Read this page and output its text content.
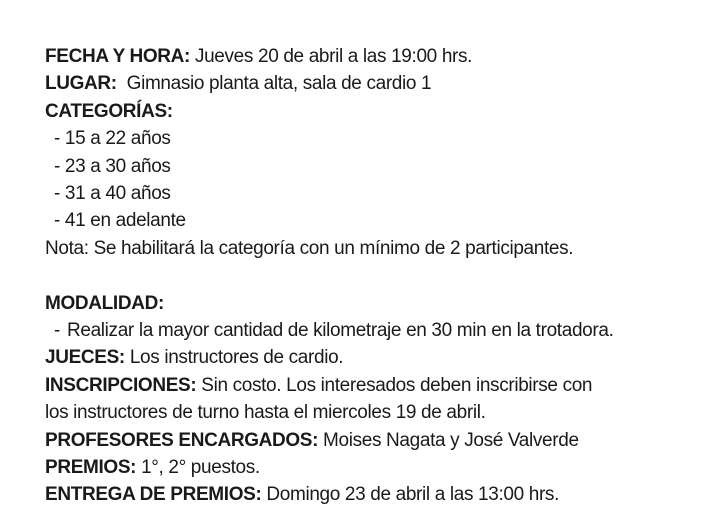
FECHA Y HORA: Jueves 20 de abril a las 19:00 hrs.
LUGAR:  Gimnasio planta alta, sala de cardio 1
CATEGORÍAS:
- 15 a 22 años
- 23 a 30 años
- 31 a 40 años
- 41 en adelante
Nota: Se habilitará la categoría con un mínimo de 2 participantes.
MODALIDAD:
- Realizar la mayor cantidad de kilometraje en 30 min en la trotadora.
JUECES: Los instructores de cardio.
INSCRIPCIONES: Sin costo. Los interesados deben inscribirse con
los instructores de turno hasta el miercoles 19 de abril.
PROFESORES ENCARGADOS: Moises Nagata y José Valverde
PREMIOS: 1°, 2° puestos.
ENTREGA DE PREMIOS: Domingo 23 de abril a las 13:00 hrs.
